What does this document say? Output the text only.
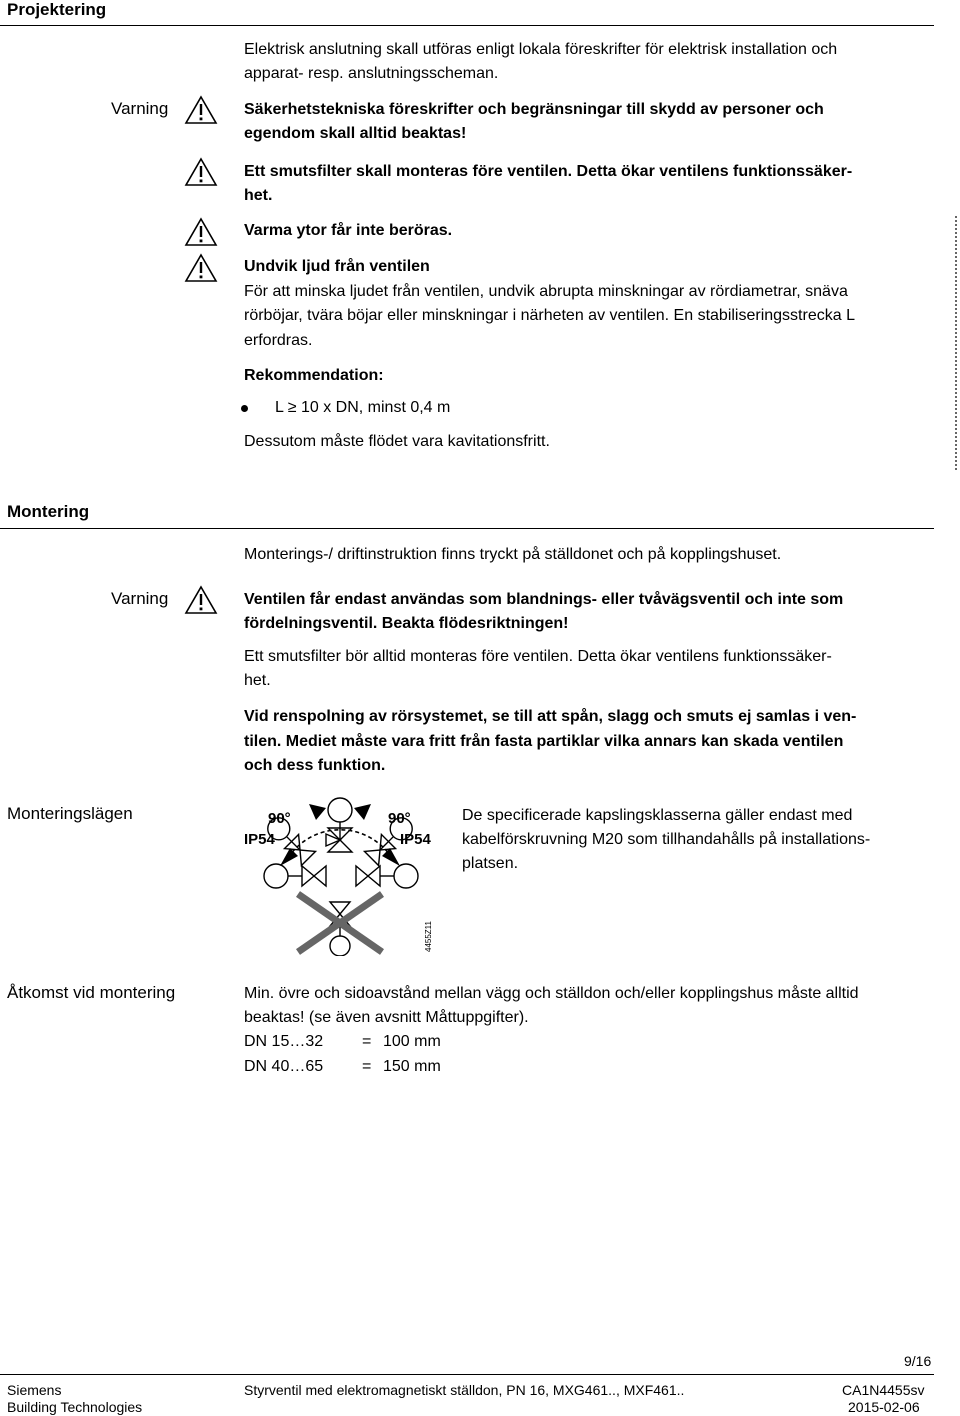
Projektering
Elektrisk anslutning skall utföras enligt lokala föreskrifter för elektrisk installation och
apparat- resp. anslutningsscheman.
Varning	Säkerhetstekniska föreskrifter och begränsningar till skydd av personer och
egendom skall alltid beaktas!
Ett smutsfilter skall monteras före ventilen. Detta ökar ventilens funktionssäker-
het.
Varma ytor får inte beröras.
Undvik ljud från ventilen
För att minska ljudet från ventilen, undvik abrupta minskningar av rördiametrar, snäva
rörböjar, tvära böjar eller minskningar i närheten av ventilen. En stabiliseringsstrecka L
erfordras.
Rekommendation:
L ≥ 10 x DN, minst 0,4 m
Dessutom måste flödet vara kavitationsfritt.
Montering
Monterings-/ driftinstruktion finns tryckt på ställdonet och på kopplingshuset.
Varning	Ventilen får endast användas som blandnings- eller tvåvägsventil och inte som
fördelningsventil. Beakta flödesriktningen!
Ett smutsfilter bör alltid monteras före ventilen. Detta ökar ventilens funktionssäker-
het.
Vid renspolning av rörsystemet, se till att spån, slagg och smuts ej samlas i ven-
tilen. Mediet måste vara fritt från fasta partiklar vilka annars kan skada ventilen
och dess funktion.
Monteringslägen	90°
IP54
90°
IP54
4455Z11
De specificerade kapslingsklasserna gäller endast med
kabelförskruvning M20 som tillhandahålls på installations-
platsen.
Åtkomst vid montering	Min. övre och sidoavstånd mellan vägg och ställdon och/eller kopplingshus måste alltid
beaktas! (se även avsnitt Måttuppgifter).
DN 15…32 = 100 mm
DN 40…65 = 150 mm
9/16
Siemens
Building Technologies
Styrventil med elektromagnetiskt ställdon, PN 16, MXG461.., MXF461..	CA1N4455sv
2015-02-06
